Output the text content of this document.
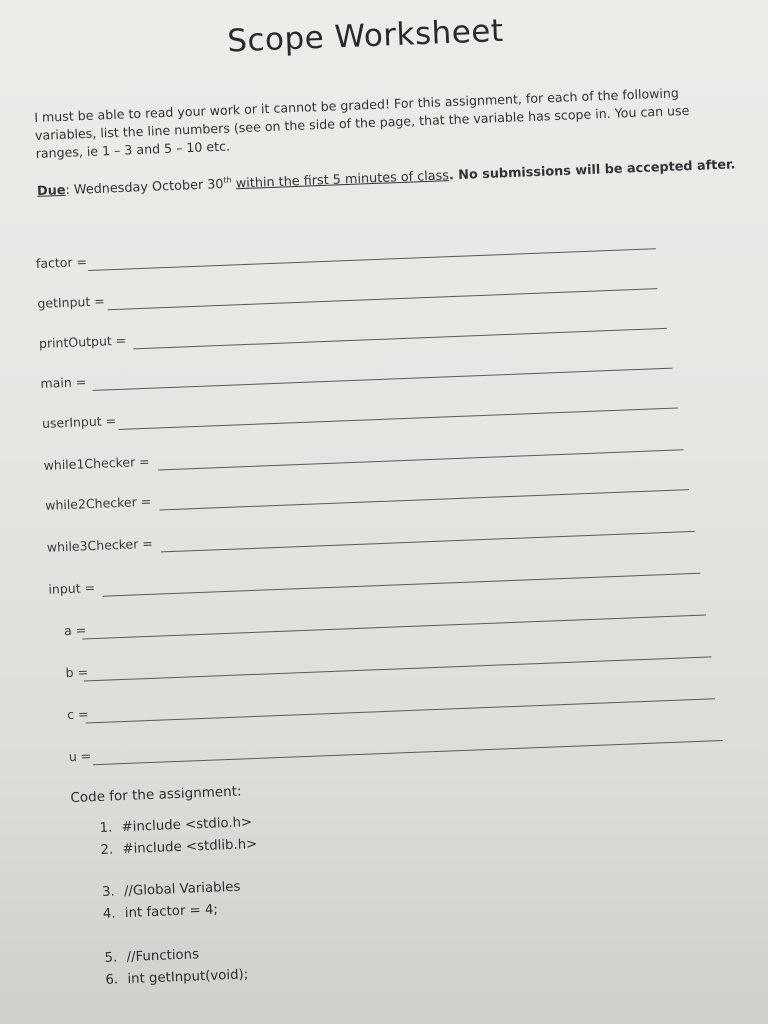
Scope Worksheet
I must be able to read your work or it cannot be graded! For this assignment, for each of the following variables, list the line numbers (see on the side of the page, that the variable has scope in. You can use ranges, ie 1 – 3 and 5 – 10 etc.
Due: Wednesday October 30th within the first 5 minutes of class. No submissions will be accepted after.
factor =
getInput =
printOutput =
main =
userInput =
while1Checker =
while2Checker =
while3Checker =
input =
a =
b =
c =
u =
Code for the assignment:
1. #include <stdio.h>
2. #include <stdlib.h>
3. //Global Variables
4. int factor = 4;
5. //Functions
6. int getInput(void);
